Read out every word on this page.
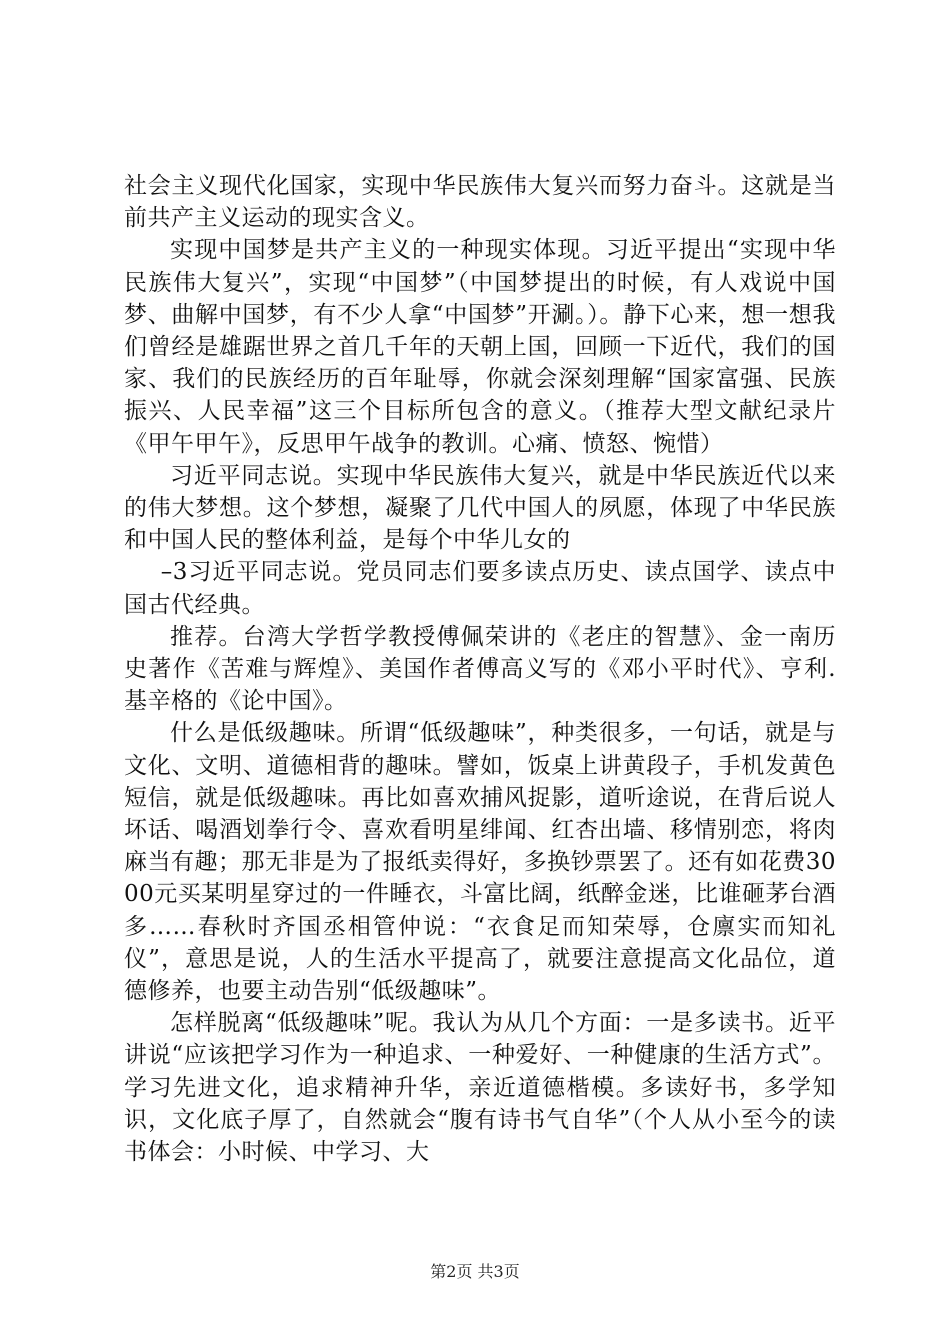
社会主义现代化国家，实现中华民族伟大复兴而努力奋斗。这就是当前共产主义运动的现实含义。

实现中国梦是共产主义的一种现实体现。习近平提出“实现中华民族伟大复兴”，实现“中国梦”（中国梦提出的时候，有人戏说中国梦、曲解中国梦，有不少人拿“中国梦”开涮。）。静下心来，想一想我们曾经是雄踞世界之首几千年的天朝上国，回顾一下近代，我们的国家、我们的民族经历的百年耻辱，你就会深刻理解“国家富强、民族振兴、人民幸福”这三个目标所包含的意义。（推荐大型文献纪录片《甲午甲午》，反思甲午战争的教训。心痛、愤怒、惋惜）

习近平同志说。实现中华民族伟大复兴，就是中华民族近代以来的伟大梦想。这个梦想，凝聚了几代中国人的夙愿，体现了中华民族和中国人民的整体利益，是每个中华儿女的

–3习近平同志说。党员同志们要多读点历史、读点国学、读点中国古代经典。

推荐。台湾大学哲学教授傅佩荣讲的《老庄的智慧》、金一南历史著作《苦难与辉煌》、美国作者傅高义写的《邓小平时代》、亨利.基辛格的《论中国》。

什么是低级趣味。所谓“低级趣味”，种类很多，一句话，就是与文化、文明、道德相背的趣味。譬如，饭桌上讲黄段子，手机发黄色短信，就是低级趣味。再比如喜欢捕风捉影，道听途说，在背后说人坏话、喝酒划拳行令、喜欢看明星绯闻、红杏出墙、移情别恋，将肉麻当有趣；那无非是为了报纸卖得好，多换钞票罢了。还有如花费3000元买某明星穿过的一件睡衣，斗富比阔，纸醉金迷，比谁砸茅台酒多……春秋时齐国丞相管仲说：“衣食足而知荣辱，仓廪实而知礼仪”，意思是说，人的生活水平提高了，就要注意提高文化品位，道德修养，也要主动告别“低级趣味”。

怎样脱离“低级趣味”呢。我认为从几个方面：一是多读书。近平讲说“应该把学习作为一种追求、一种爱好、一种健康的生活方式”。学习先进文化，追求精神升华，亲近道德楷模。多读好书，多学知识，文化底子厚了，自然就会“腹有诗书气自华”（个人从小至今的读书体会：小时候、中学习、大

第2页 共3页
